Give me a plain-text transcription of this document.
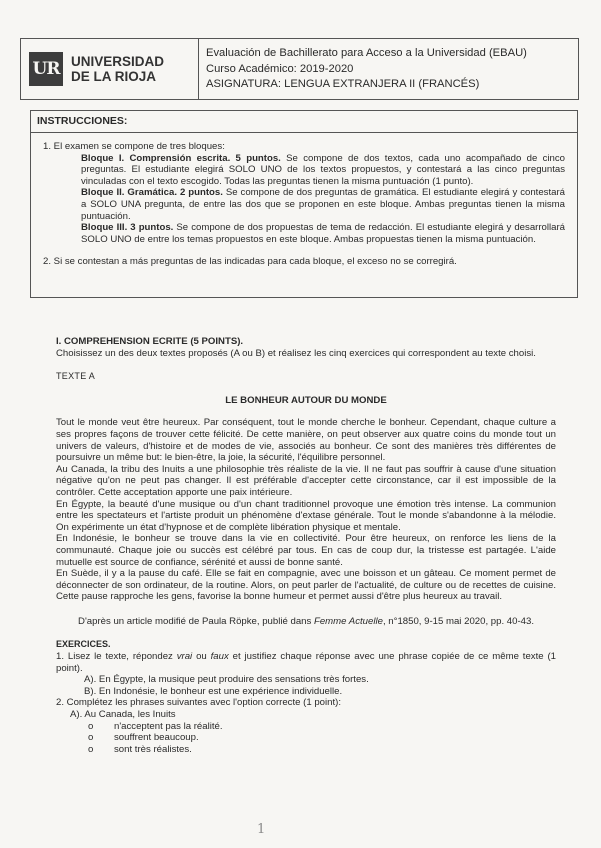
UR UNIVERSIDAD
DE LA RIOJA
Evaluación de Bachillerato para Acceso a la Universidad (EBAU)
Curso Académico: 2019-2020
ASIGNATURA: LENGUA EXTRANJERA II (FRANCÉS)
INSTRUCCIONES:
1. El examen se compone de tres bloques:
Bloque I. Comprensión escrita. 5 puntos. Se compone de dos textos, cada uno acompañado de cinco preguntas. El estudiante elegirá SOLO UNO de los textos propuestos, y contestará a las cinco preguntas vinculadas con el texto escogido. Todas las preguntas tienen la misma puntuación (1 punto).
Bloque II. Gramática. 2 puntos. Se compone de dos preguntas de gramática. El estudiante elegirá y contestará a SOLO UNA pregunta, de entre las dos que se proponen en este bloque. Ambas preguntas tienen la misma puntuación.
Bloque III. 3 puntos. Se compone de dos propuestas de tema de redacción. El estudiante elegirá y desarrollará SOLO UNO de entre los temas propuestos en este bloque. Ambas propuestas tienen la misma puntuación.
2. Si se contestan a más preguntas de las indicadas para cada bloque, el exceso no se corregirá.
I. COMPREHENSION ECRITE (5 POINTS).
Choisissez un des deux textes proposés (A ou B) et réalisez les cinq exercices qui correspondent au texte choisi.
TEXTE A
LE BONHEUR AUTOUR DU MONDE

Tout le monde veut être heureux. Par conséquent, tout le monde cherche le bonheur. Cependant, chaque culture a ses propres façons de trouver cette félicité. De cette manière, on peut observer aux quatre coins du monde tout un univers de valeurs, d'histoire et de modes de vie, associés au bonheur. Ce sont des manières très différentes de poursuivre un même but: le bien-être, la joie, la sécurité, l'équilibre personnel.

Au Canada, la tribu des Inuits a une philosophie très réaliste de la vie. Il ne faut pas souffrir à cause d'une situation négative qu'on ne peut pas changer. Il est préférable d'accepter cette circonstance, car il est impossible de la contrôler. Cette acceptation apporte une paix intérieure.

En Égypte, la beauté d'une musique ou d'un chant traditionnel provoque une émotion très intense. La communion entre les spectateurs et l'artiste produit un phénomène d'extase générale. Tout le monde s'abandonne à la mélodie. On expérimente un état d'hypnose et de complète libération physique et mentale.

En Indonésie, le bonheur se trouve dans la vie en collectivité. Pour être heureux, on renforce les liens de la communauté. Chaque joie ou succès est célébré par tous. En cas de coup dur, la tristesse est partagée. L'aide mutuelle est source de confiance, sérénité et aussi de bonne santé.

En Suède, il y a la pause du café. Elle se fait en compagnie, avec une boisson et un gâteau. Ce moment permet de déconnecter de son ordinateur, de la routine. Alors, on peut parler de l'actualité, de culture ou de recettes de cuisine. Cette pause rapproche les gens, favorise la bonne humeur et permet aussi d'être plus heureux au travail.

D'après un article modifié de Paula Röpke, publié dans Femme Actuelle, n°1850, 9-15 mai 2020, pp. 40-43.
EXERCICES.
1. Lisez le texte, répondez vrai ou faux et justifiez chaque réponse avec une phrase copiée de ce même texte (1 point).
A). En Égypte, la musique peut produire des sensations très fortes.
B). En Indonésie, le bonheur est une expérience individuelle.
2. Complétez les phrases suivantes avec l'option correcte (1 point):
A). Au Canada, les Inuits
o	n'acceptent pas la réalité.
o	souffrent beaucoup.
o	sont très réalistes.
1
